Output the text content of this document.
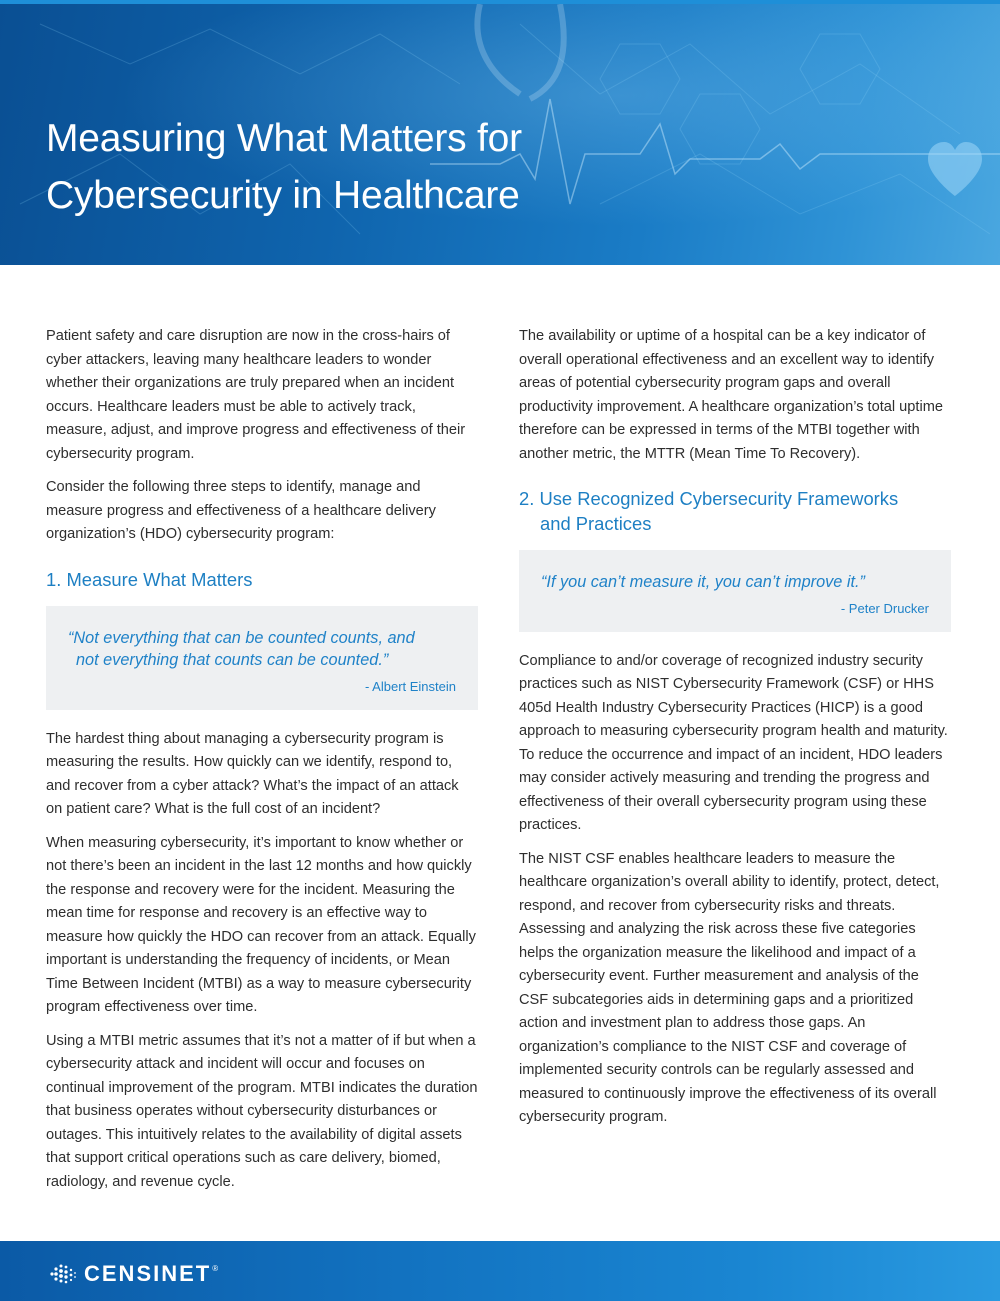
Measuring What Matters for
Cybersecurity in Healthcare

Patient safety and care disruption are now in the cross-hairs of cyber attackers, leaving many healthcare leaders to wonder whether their organizations are truly prepared when an incident occurs. Healthcare leaders must be able to actively track, measure, adjust, and improve progress and effectiveness of their cybersecurity program.

Consider the following three steps to identify, manage and measure progress and effectiveness of a healthcare delivery organization’s (HDO) cybersecurity program:

1. Measure What Matters

“Not everything that can be counted counts, and
not everything that counts can be counted.”

- Albert Einstein

The hardest thing about managing a cybersecurity program is measuring the results. How quickly can we identify, respond to, and recover from a cyber attack? What’s the impact of an attack on patient care? What is the full cost of an incident?

When measuring cybersecurity, it’s important to know whether or not there’s been an incident in the last 12 months and how quickly the response and recovery were for the incident. Measuring the mean time for response and recovery is an effective way to measure how quickly the HDO can recover from an attack. Equally important is understanding the frequency of incidents, or Mean Time Between Incident (MTBI) as a way to measure cybersecurity program effectiveness over time.

Using a MTBI metric assumes that it’s not a matter of if but when a cybersecurity attack and incident will occur and focuses on continual improvement of the program. MTBI indicates the duration that business operates without cybersecurity disturbances or outages. This intuitively relates to the availability of digital assets that support critical operations such as care delivery, biomed, radiology, and revenue cycle.

The availability or uptime of a hospital can be a key indicator of overall operational effectiveness and an excellent way to identify areas of potential cybersecurity program gaps and overall productivity improvement. A healthcare organization’s total uptime therefore can be expressed in terms of the MTBI together with another metric, the MTTR (Mean Time To Recovery).

2. Use Recognized Cybersecurity Frameworks
and Practices

“If you can’t measure it, you can’t improve it.”

- Peter Drucker

Compliance to and/or coverage of recognized industry security practices such as NIST Cybersecurity Framework (CSF) or HHS 405d Health Industry Cybersecurity Practices (HICP) is a good approach to measuring cybersecurity program health and maturity. To reduce the occurrence and impact of an incident, HDO leaders may consider actively measuring and trending the progress and effectiveness of their overall cybersecurity program using these practices.

The NIST CSF enables healthcare leaders to measure the healthcare organization’s overall ability to identify, protect, detect, respond, and recover from cybersecurity risks and threats. Assessing and analyzing the risk across these five categories helps the organization measure the likelihood and impact of a cybersecurity event. Further measurement and analysis of the CSF subcategories aids in determining gaps and a prioritized action and investment plan to address those gaps. An organization’s compliance to the NIST CSF and coverage of implemented security controls can be regularly assessed and measured to continuously improve the effectiveness of its overall cybersecurity program.

CENSINET ®
